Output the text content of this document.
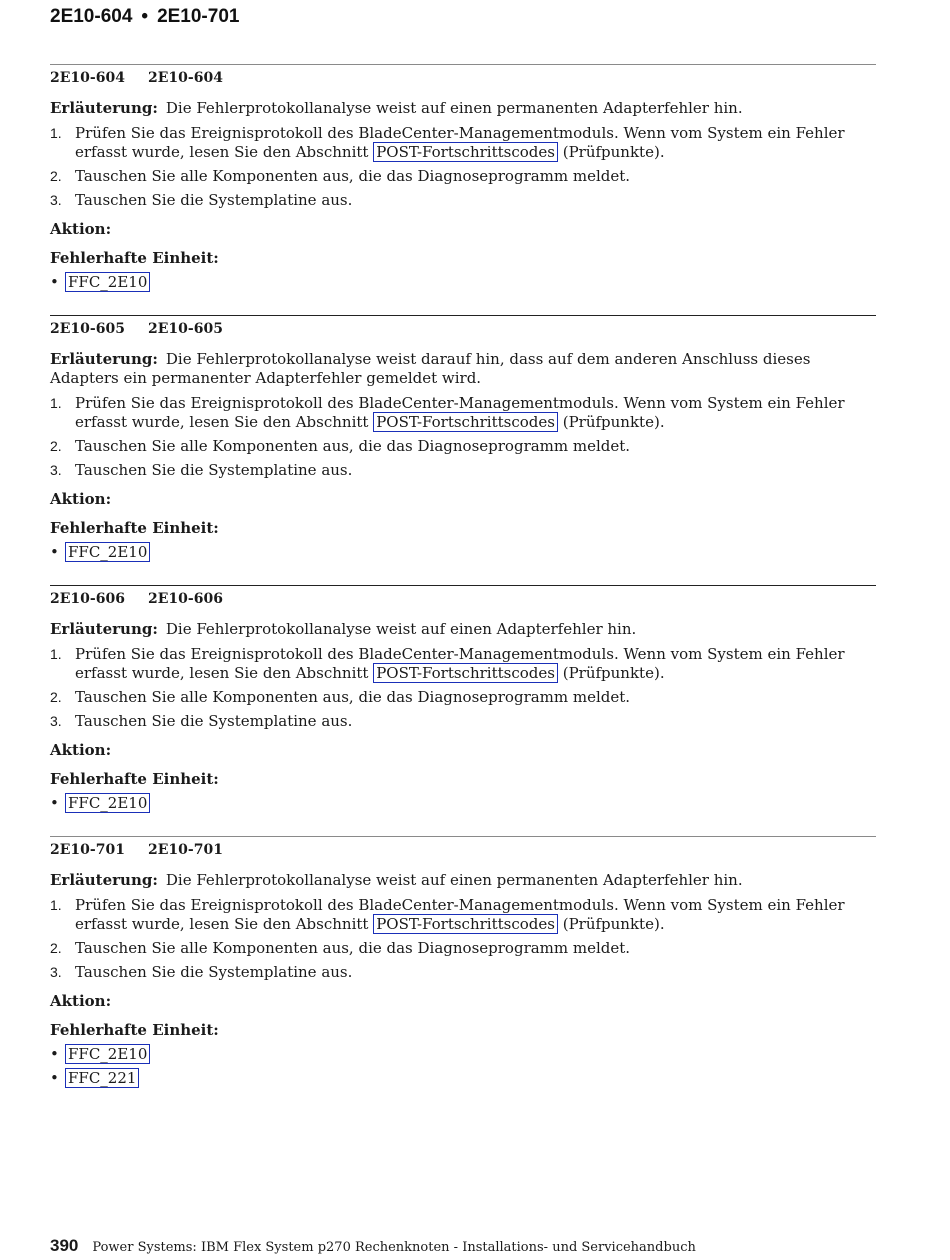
2E10-604 • 2E10-701
2E10-604 2E10-604
Erläuterung: Die Fehlerprotokollanalyse weist auf einen permanenten Adapterfehler hin.
1. Prüfen Sie das Ereignisprotokoll des BladeCenter-Managementmoduls. Wenn vom System ein Fehler erfasst wurde, lesen Sie den Abschnitt POST-Fortschrittscodes (Prüfpunkte).
2. Tauschen Sie alle Komponenten aus, die das Diagnoseprogramm meldet.
3. Tauschen Sie die Systemplatine aus.
Aktion:
Fehlerhafte Einheit:
• FFC_2E10
2E10-605 2E10-605
Erläuterung: Die Fehlerprotokollanalyse weist darauf hin, dass auf dem anderen Anschluss dieses Adapters ein permanenter Adapterfehler gemeldet wird.
1. Prüfen Sie das Ereignisprotokoll des BladeCenter-Managementmoduls. Wenn vom System ein Fehler erfasst wurde, lesen Sie den Abschnitt POST-Fortschrittscodes (Prüfpunkte).
2. Tauschen Sie alle Komponenten aus, die das Diagnoseprogramm meldet.
3. Tauschen Sie die Systemplatine aus.
Aktion:
Fehlerhafte Einheit:
• FFC_2E10
2E10-606 2E10-606
Erläuterung: Die Fehlerprotokollanalyse weist auf einen Adapterfehler hin.
1. Prüfen Sie das Ereignisprotokoll des BladeCenter-Managementmoduls. Wenn vom System ein Fehler erfasst wurde, lesen Sie den Abschnitt POST-Fortschrittscodes (Prüfpunkte).
2. Tauschen Sie alle Komponenten aus, die das Diagnoseprogramm meldet.
3. Tauschen Sie die Systemplatine aus.
Aktion:
Fehlerhafte Einheit:
• FFC_2E10
2E10-701 2E10-701
Erläuterung: Die Fehlerprotokollanalyse weist auf einen permanenten Adapterfehler hin.
1. Prüfen Sie das Ereignisprotokoll des BladeCenter-Managementmoduls. Wenn vom System ein Fehler erfasst wurde, lesen Sie den Abschnitt POST-Fortschrittscodes (Prüfpunkte).
2. Tauschen Sie alle Komponenten aus, die das Diagnoseprogramm meldet.
3. Tauschen Sie die Systemplatine aus.
Aktion:
Fehlerhafte Einheit:
• FFC_2E10
• FFC_221
390 Power Systems: IBM Flex System p270 Rechenknoten - Installations- und Servicehandbuch
